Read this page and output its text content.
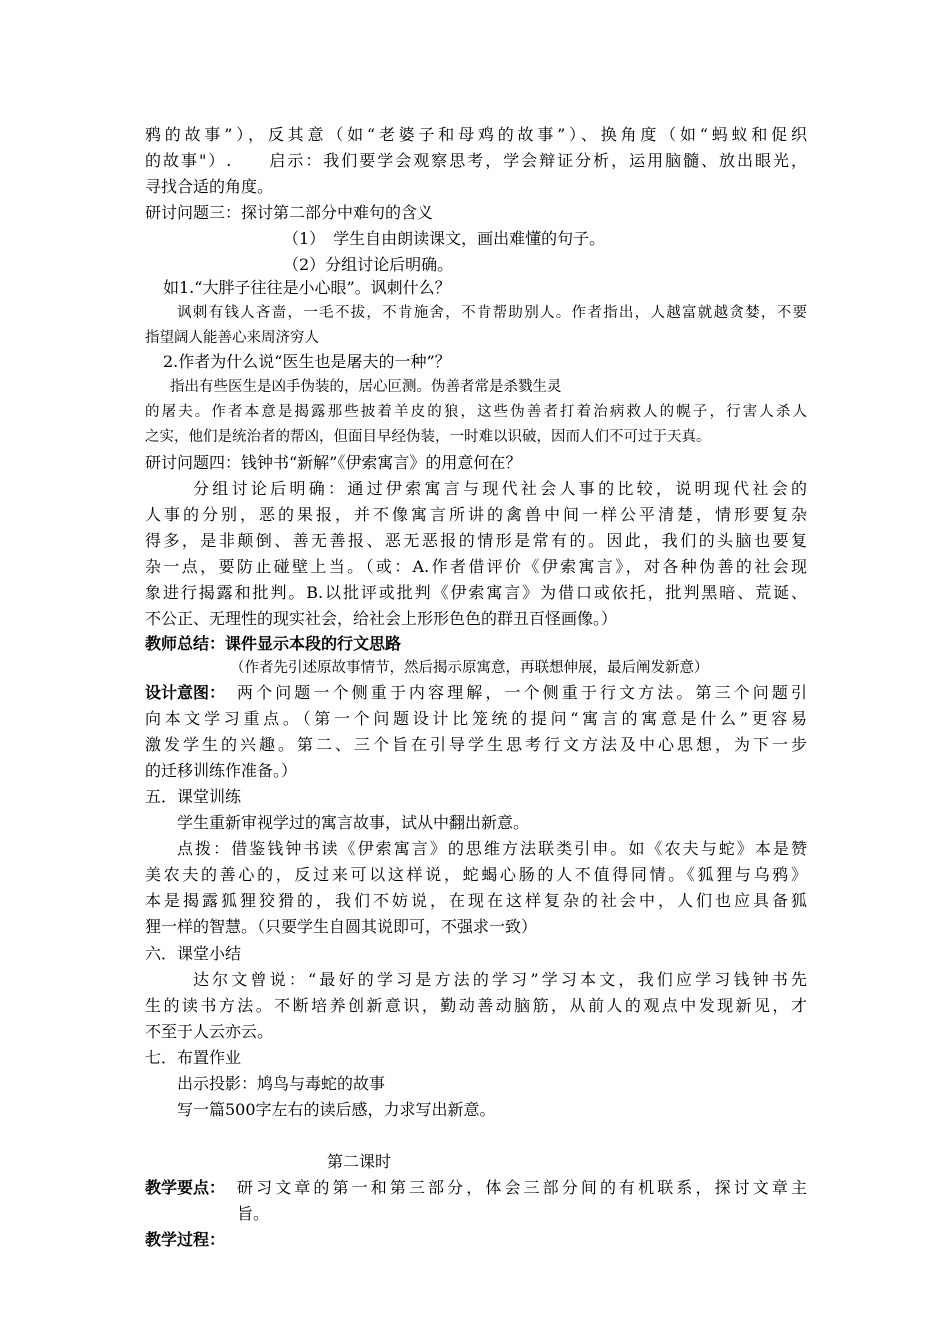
鸦的故事”），反其意（如“老婆子和母鸡的故事”）、换角度（如“蚂蚁和促织
的故事"）.　　启示：我们要学会观察思考，学会辩证分析，运用脑髓、放出眼光，
寻找合适的角度。
研讨问题三：探讨第二部分中难句的含义
（1）　学生自由朗读课文，画出难懂的句子。
（2）分组讨论后明确。
如1.“大胖子往往是小心眼”。讽刺什么？
讽刺有钱人吝啬，一毛不拔，不肯施舍，不肯帮助别人。作者指出，人越富就越贪婪，不要
指望阔人能善心来周济穷人
2.作者为什么说“医生也是屠夫的一种”？
指出有些医生是凶手伪装的，居心叵测。伪善者常是杀戮生灵
的屠夫。作者本意是揭露那些披着羊皮的狼，这些伪善者打着治病救人的幌子，行害人杀人
之实，他们是统治者的帮凶，但面目早经伪装，一时难以识破，因而人们不可过于天真。
研讨问题四：钱钟书“新解”《伊索寓言》的用意何在？
分组讨论后明确：通过伊索寓言与现代社会人事的比较，说明现代社会的
人事的分别，恶的果报，并不像寓言所讲的禽兽中间一样公平清楚，情形要复杂
得多，是非颠倒、善无善报、恶无恶报的情形是常有的。因此，我们的头脑也要复
杂一点，要防止碰壁上当。（或：A.作者借评价《伊索寓言》，对各种伪善的社会现
象进行揭露和批判。B.以批评或批判《伊索寓言》为借口或依托，批判黑暗、荒诞、
不公正、无理性的现实社会，给社会上形形色色的群丑百怪画像。）
教师总结：课件显示本段的行文思路
（作者先引述原故事情节，然后揭示原寓意，再联想伸展，最后阐发新意）
设计意图： 两个问题一个侧重于内容理解，一个侧重于行文方法。第三个问题引
向本文学习重点。（第一个问题设计比笼统的提问“寓言的寓意是什么”更容易
激发学生的兴趣。第二、三个旨在引导学生思考行文方法及中心思想，为下一步
的迁移训练作准备。）
五．课堂训练
学生重新审视学过的寓言故事，试从中翻出新意。
点拨：借鉴钱钟书读《伊索寓言》的思维方法联类引申。如《农夫与蛇》本是赞
美农夫的善心的，反过来可以这样说，蛇蝎心肠的人不值得同情。《狐狸与乌鸦》
本是揭露狐狸狡猾的，我们不妨说，在现在这样复杂的社会中，人们也应具备狐
狸一样的智慧。（只要学生自圆其说即可，不强求一致）
六．课堂小结
达尔文曾说：“最好的学习是方法的学习”学习本文，我们应学习钱钟书先
生的读书方法。不断培养创新意识，勤动善动脑筋，从前人的观点中发现新见，才
不至于人云亦云。
七．布置作业
出示投影：鸠鸟与毒蛇的故事
写一篇500字左右的读后感，力求写出新意。
第二课时
教学要点： 研习文章的第一和第三部分，体会三部分间的有机联系，探讨文章主
旨。
教学过程：
